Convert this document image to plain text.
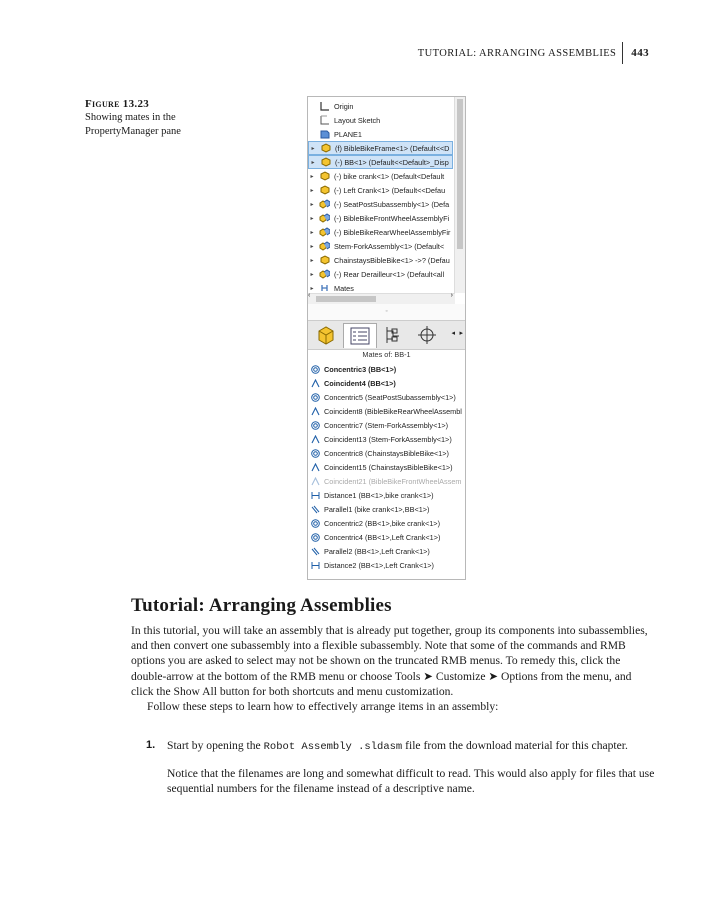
TUTORIAL: ARRANGING ASSEMBLIES 443
Figure 13.23
Showing mates in the
PropertyManager pane
Origin
Layout Sketch
PLANE1
▸	(f) BibleBikeFrame<1> (Default<<D
▸	(-) BB<1> (Default<<Default>_Disp
▸	(-) bike crank<1> (Default<Default
▸	(-) Left Crank<1> (Default<<Defau
▸	(-) SeatPostSubassembly<1> (Defa
▸	(-) BibleBikeFrontWheelAssemblyFi
▸	(-) BibleBikeRearWheelAssemblyFir
▸	Stem-ForkAssembly<1> (Default<
▸	ChainstaysBibleBike<1> ->? (Defau
▸	(-) Rear Derailleur<1> (Default<all
▸	Mates
‹	›
◦
◂ ▸
Mates of: BB-1
Concentric3 (BB<1>)
Coincident4 (BB<1>)
Concentric5 (SeatPostSubassembly<1>)
Coincident8 (BibleBikeRearWheelAssembl
Concentric7 (Stem-ForkAssembly<1>)
Coincident13 (Stem-ForkAssembly<1>)
Concentric8 (ChainstaysBibleBike<1>)
Coincident15 (ChainstaysBibleBike<1>)
Coincident21 (BibleBikeFrontWheelAssem
Distance1 (BB<1>,bike crank<1>)
Parallel1 (bike crank<1>,BB<1>)
Concentric2 (BB<1>,bike crank<1>)
Concentric4 (BB<1>,Left Crank<1>)
Parallel2 (BB<1>,Left Crank<1>)
Distance2 (BB<1>,Left Crank<1>)
Tutorial: Arranging Assemblies

In this tutorial, you will take an assembly that is already put together, group its components into subassemblies, and then convert one subassembly into a flexible subassembly. Note that some of the commands and RMB options you are asked to select may not be shown on the truncated RMB menus. To remedy this, click the double-arrow at the bottom of the RMB menu or choose Tools ➤ Customize ➤ Options from the menu, and click the Show All button for both shortcuts and menu customization.

Follow these steps to learn how to effectively arrange items in an assembly:

1. Start by opening the Robot Assembly .sldasm file from the download material for this chapter.
Notice that the filenames are long and somewhat difficult to read. This would also apply for files that use sequential numbers for the filename instead of a descriptive name.
